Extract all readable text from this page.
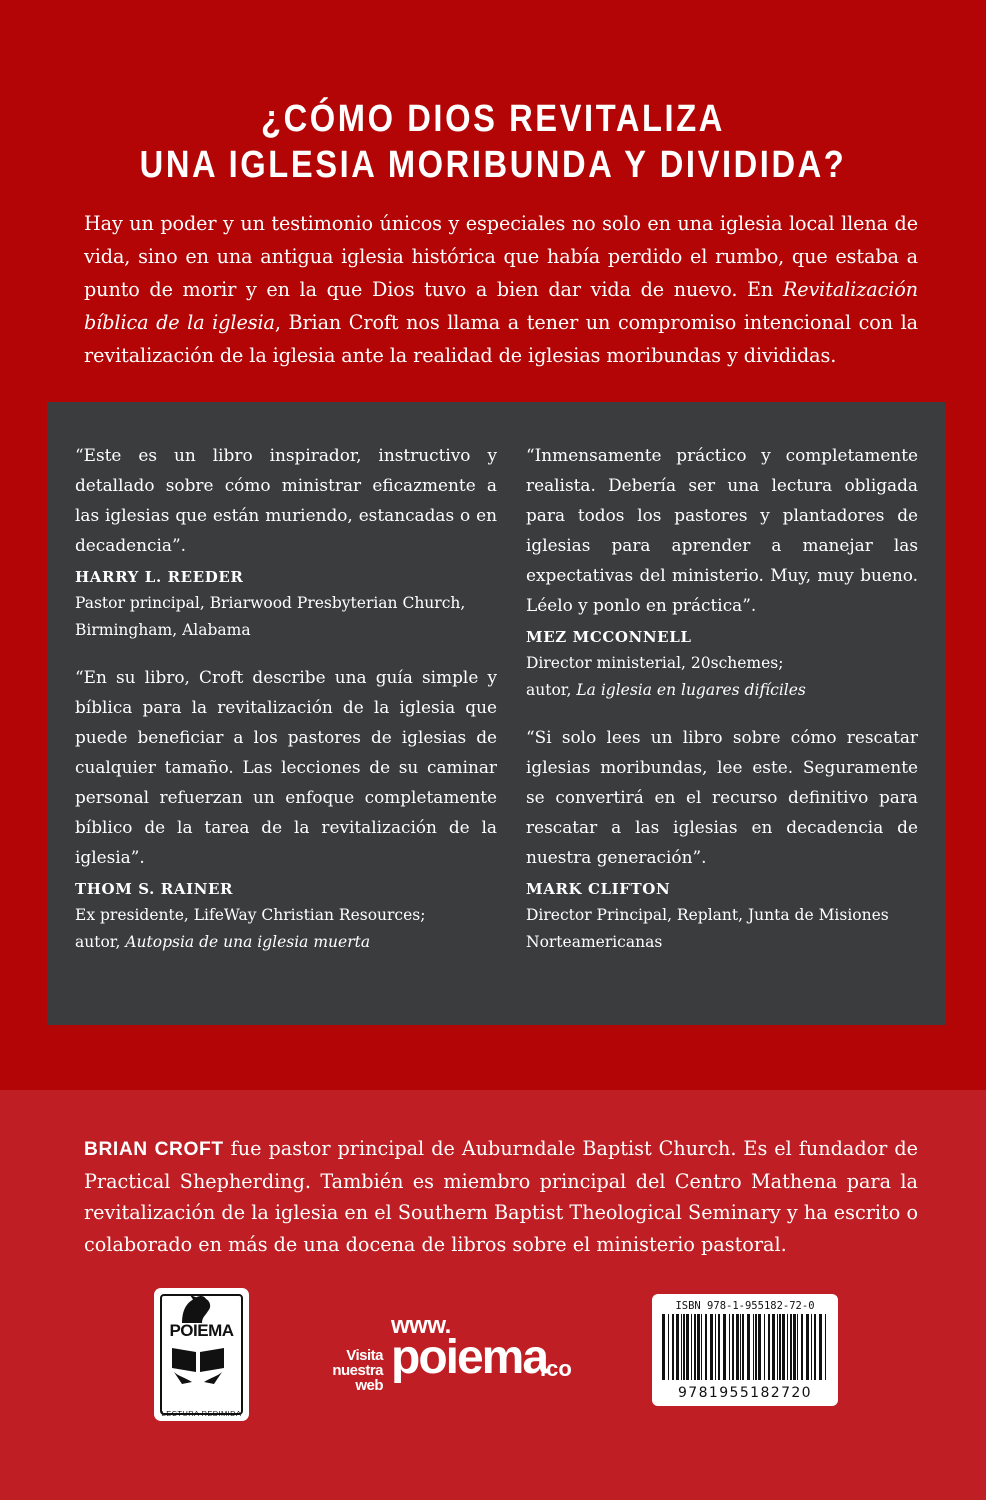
¿CÓMO DIOS REVITALIZA
UNA IGLESIA MORIBUNDA Y DIVIDIDA?
Hay un poder y un testimonio únicos y especiales no solo en una iglesia local llena de vida, sino en una antigua iglesia histórica que había perdido el rumbo, que estaba a punto de morir y en la que Dios tuvo a bien dar vida de nuevo. En Revitalización bíblica de la iglesia, Brian Croft nos llama a tener un compromiso intencional con la revitalización de la iglesia ante la realidad de iglesias moribundas y divididas.
“Este es un libro inspirador, instructivo y detallado sobre cómo ministrar eficazmente a las iglesias que están muriendo, estancadas o en decadencia”.
HARRY L. REEDER
Pastor principal, Briarwood Presbyterian Church, Birmingham, Alabama
“En su libro, Croft describe una guía simple y bíblica para la revitalización de la iglesia que puede beneficiar a los pastores de iglesias de cualquier tamaño. Las lecciones de su caminar personal refuerzan un enfoque completamente bíblico de la tarea de la revitalización de la iglesia”.
THOM S. RAINER
Ex presidente, LifeWay Christian Resources;
autor, Autopsia de una iglesia muerta
“Inmensamente práctico y completamente realista. Debería ser una lectura obligada para todos los pastores y plantadores de iglesias para aprender a manejar las expectativas del ministerio. Muy, muy bueno. Léelo y ponlo en práctica”.
MEZ MCCONNELL
Director ministerial, 20schemes;
autor, La iglesia en lugares difíciles
“Si solo lees un libro sobre cómo rescatar iglesias moribundas, lee este. Seguramente se convertirá en el recurso definitivo para rescatar a las iglesias en decadencia de nuestra generación”.
MARK CLIFTON
Director Principal, Replant, Junta de Misiones Norteamericanas
BRIAN CROFT fue pastor principal de Auburndale Baptist Church. Es el fundador de Practical Shepherding. También es miembro principal del Centro Mathena para la revitalización de la iglesia en el Southern Baptist Theological Seminary y ha escrito o colaborado en más de una docena de libros sobre el ministerio pastoral.
POIEMA
LECTURA REDIMIDA
Visita
nuestra web
www.
poiema
.co
ISBN 978-1-955182-72-0
9781955182720
